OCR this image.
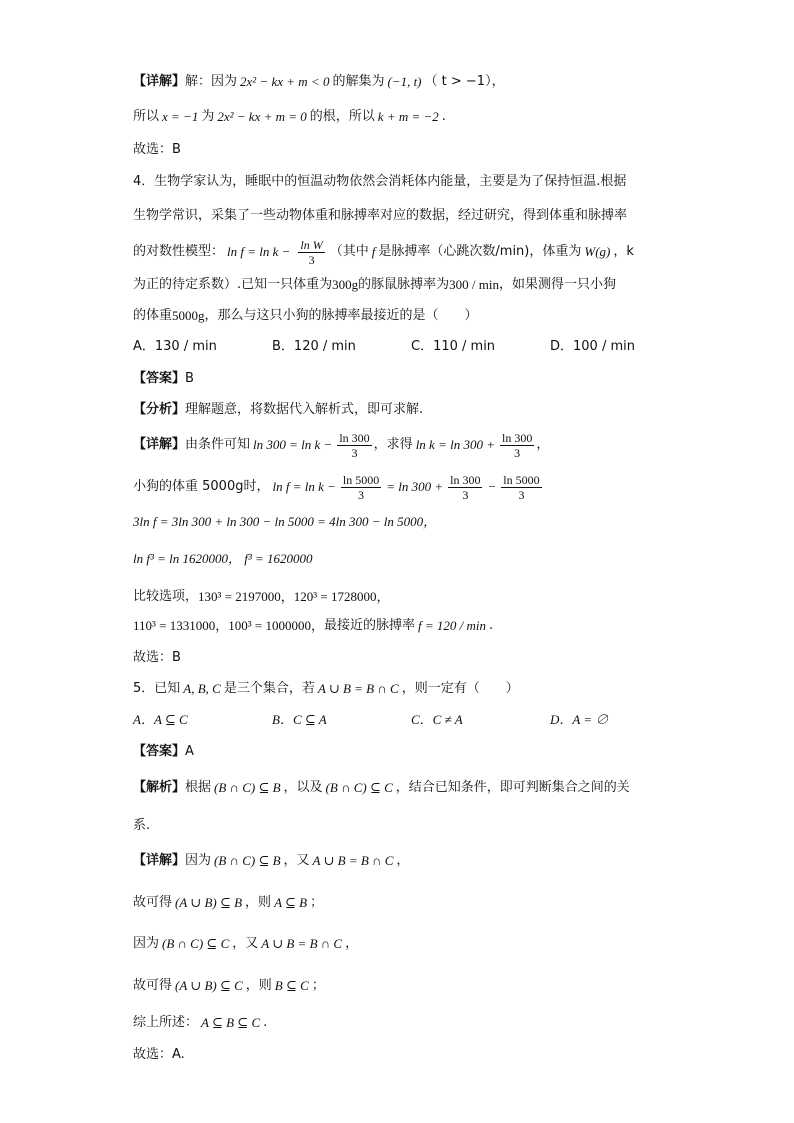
【详解】 解：因为 2x² − kx + m < 0 的解集为 (−1, t) （ t > −1），
所以 x = −1 为 2x² − kx + m = 0 的根，所以 k + m = −2 .
故选：B
4． 生物学家认为，睡眠中的恒温动物依然会消耗体内能量，主要是为了保持恒温.根据
生物学常识，采集了一些动物体重和脉搏率对应的数据，经过研究，得到体重和脉搏率
的对数性模型： $\ln f = \ln k - \frac{\text{ln W}}{3}$ （其中 f 是脉搏率（心跳次数/min)，体重为 W(g) ，k
为正的待定系数）.已知一只体重为 300g 的豚鼠脉搏率为 300 / min ，如果测得一只小狗
的体重 5000g ，那么与这只小狗的脉搏率最接近的是（　　）
A．130 / min	B．120 / min	C．110 / min	D．100 / min
【答案】 B
【分析】 理解题意，将数据代入解析式，即可求解.
【详解】 由条件可知 $\ln 300 = \ln k - \frac{\ln 300}{3}$ ，求得 $\ln k = \ln 300 + \frac{\ln 300}{3}$ ，
小狗的体重 5000g时， $\ln f = \ln k - \frac{\ln 5000}{3} = \ln 300 + \frac{\ln 300}{3} - \frac{\ln 5000}{3}$
3ln f = 3ln 300 + ln 300 − ln 5000 = 4ln 300 − ln 5000，
ln f³ = ln 1620000， f³ = 1620000
比较选项， 130³ = 2197000，120³ = 1728000，
110³ = 1331000，100³ = 1000000， 最接近的脉搏率 f = 120 / min .
故选：B
5． 已知 A, B, C 是三个集合，若 A ∪ B = B ∩ C ，则一定有（　　）
A．A ⊆ C	B．C ⊆ A	C．C ≠ A	D．A = ∅
【答案】 A
【解析】 根据 (B ∩ C) ⊆ B ，以及 (B ∩ C) ⊆ C ，结合已知条件，即可判断集合之间的关
系.
【详解】 因为 (B ∩ C) ⊆ B ，又 A ∪ B = B ∩ C ，
故可得 (A ∪ B) ⊆ B ，则 A ⊆ B ；
因为 (B ∩ C) ⊆ C ，又 A ∪ B = B ∩ C ，
故可得 (A ∪ B) ⊆ C ，则 B ⊆ C ；
综上所述： A ⊆ B ⊆ C .
故选：A.
